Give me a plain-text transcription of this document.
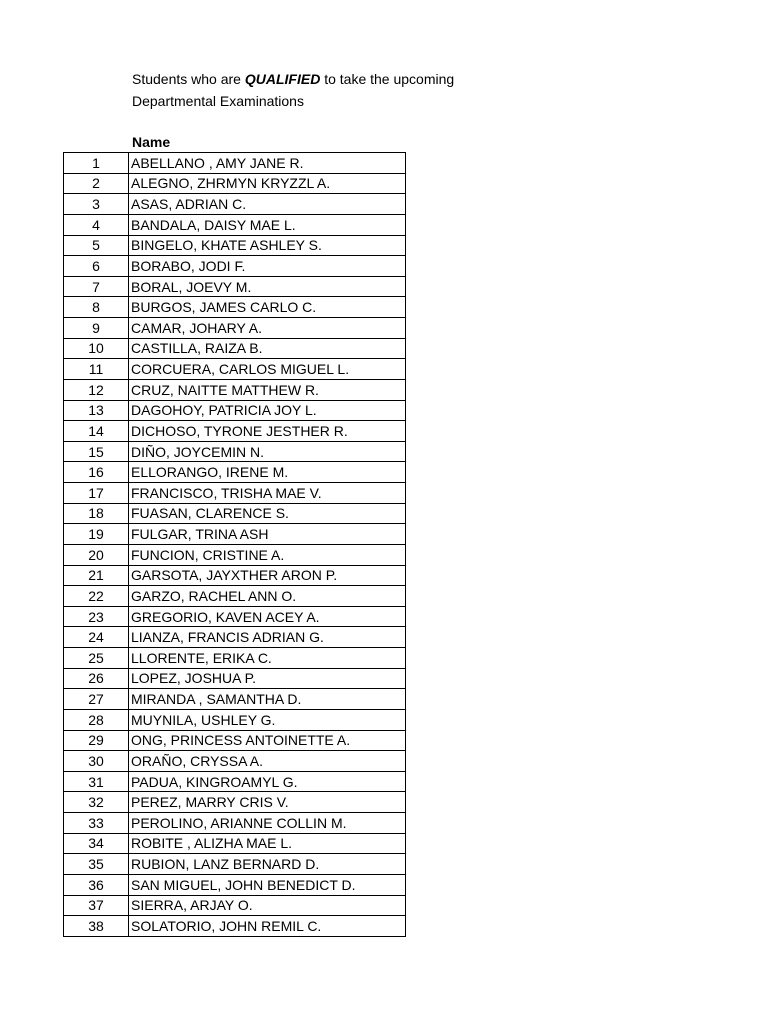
Students who are QUALIFIED to take the upcoming
Departmental Examinations
Name
1	ABELLANO , AMY JANE R.
2	ALEGNO, ZHRMYN KRYZZL A.
3	ASAS, ADRIAN C.
4	BANDALA, DAISY MAE L.
5	BINGELO, KHATE ASHLEY S.
6	BORABO, JODI F.
7	BORAL, JOEVY M.
8	BURGOS, JAMES CARLO C.
9	CAMAR, JOHARY A.
10	CASTILLA, RAIZA B.
11	CORCUERA, CARLOS MIGUEL L.
12	CRUZ, NAITTE MATTHEW R.
13	DAGOHOY, PATRICIA JOY L.
14	DICHOSO, TYRONE JESTHER R.
15	DIÑO, JOYCEMIN N.
16	ELLORANGO, IRENE M.
17	FRANCISCO, TRISHA MAE V.
18	FUASAN, CLARENCE S.
19	FULGAR, TRINA ASH
20	FUNCION, CRISTINE A.
21	GARSOTA, JAYXTHER ARON P.
22	GARZO, RACHEL ANN O.
23	GREGORIO, KAVEN ACEY A.
24	LIANZA, FRANCIS ADRIAN G.
25	LLORENTE, ERIKA C.
26	LOPEZ, JOSHUA P.
27	MIRANDA , SAMANTHA D.
28	MUYNILA, USHLEY G.
29	ONG, PRINCESS ANTOINETTE A.
30	ORAÑO, CRYSSA A.
31	PADUA, KINGROAMYL G.
32	PEREZ, MARRY CRIS V.
33	PEROLINO, ARIANNE COLLIN M.
34	ROBITE , ALIZHA MAE L.
35	RUBION, LANZ BERNARD D.
36	SAN MIGUEL, JOHN BENEDICT D.
37	SIERRA, ARJAY O.
38	SOLATORIO, JOHN REMIL C.
